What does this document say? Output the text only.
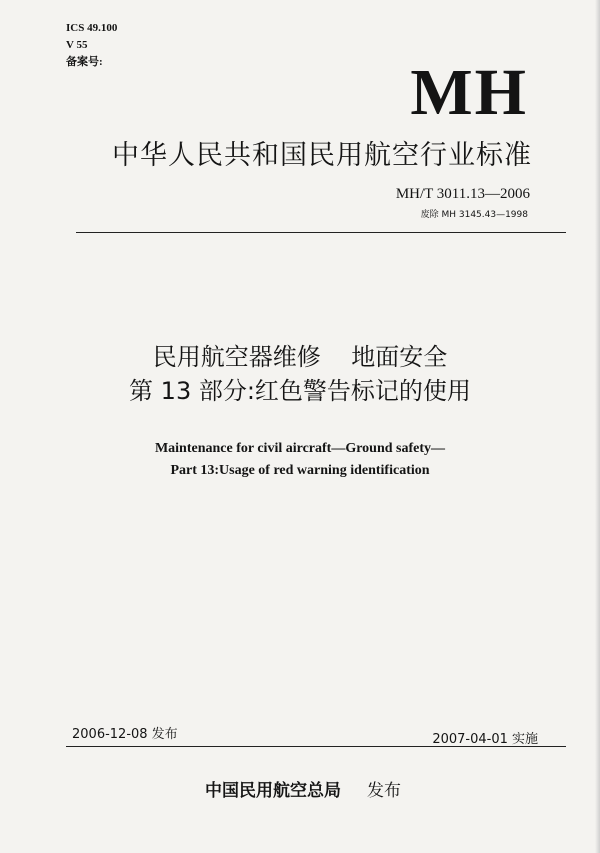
ICS 49.100
V 55
备案号:	MH
中华人民共和国民用航空行业标准
MH/T 3011.13—2006
废除 MH 3145.43—1998
民用航空器维修    地面安全
第 13 部分:红色警告标记的使用
Maintenance for civil aircraft—Ground safety—
Part 13:Usage of red warning identification
2006-12-08 发布	2007-04-01 实施
中国民用航空总局 发布
